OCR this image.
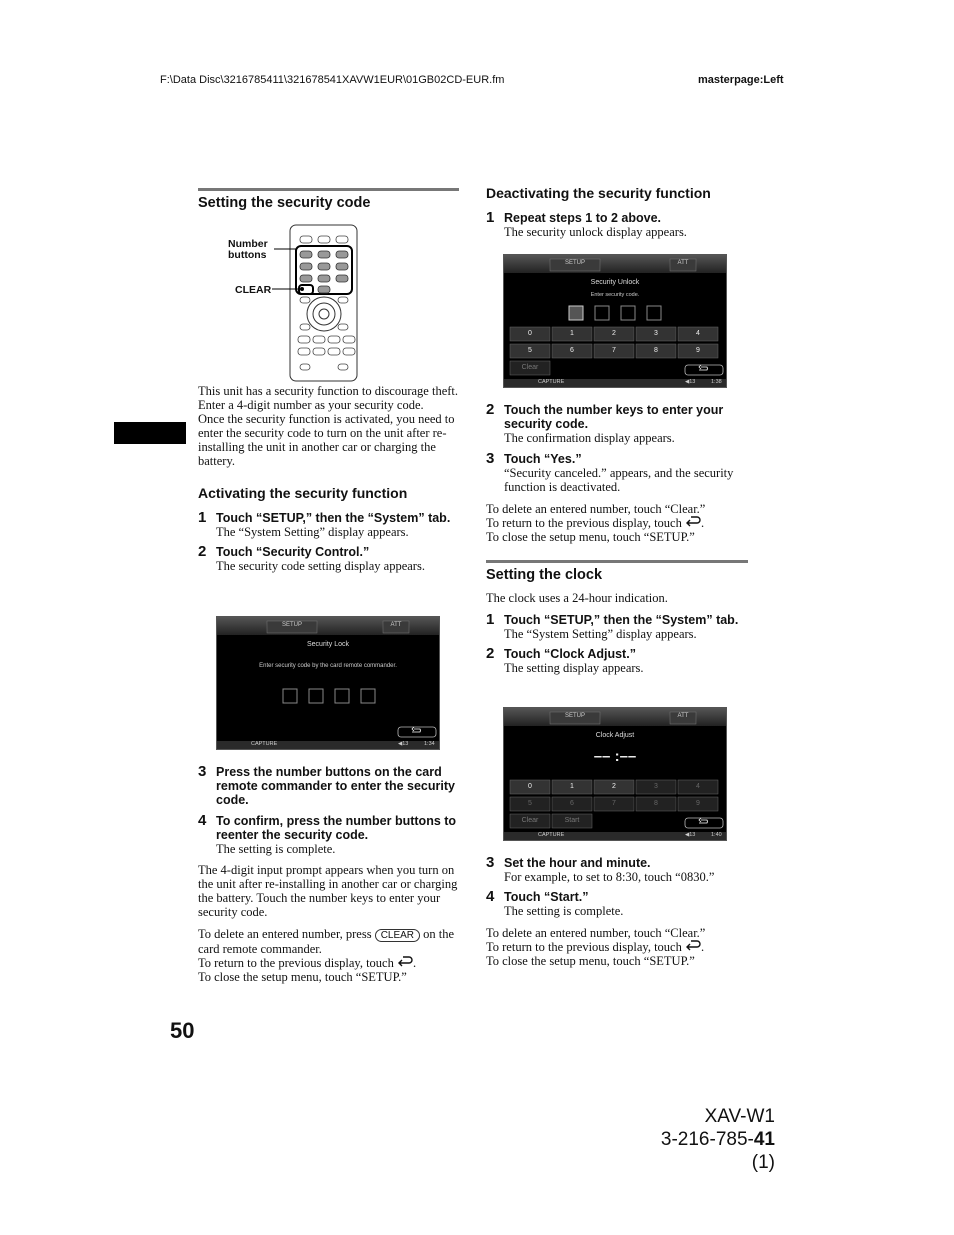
F:\Data Disc\3216785411\321678541XAVW1EUR\01GB02CD-EUR.fm	masterpage:Left
Setting the security code
Number
buttons
CLEAR

This unit has a security function to discourage theft. Enter a 4-digit number as your security code.

Once the security function is activated, you need to enter the security code to turn on the unit after re-installing the unit in another car or charging the battery.

Activating the security function
1 Touch “SETUP,” then the “System” tab.
The “System Setting” display appears.
2 Touch “Security Control.”
The security code setting display appears.
SETUP	ATT
Security Lock
Enter security code by the card remote commander.
CAPTURE	◀13	1:34
3 Press the number buttons on the card remote commander to enter the security code.
4 To confirm, press the number buttons to reenter the security code.
The setting is complete.

The 4-digit input prompt appears when you turn on the unit after re-installing in another car or charging the battery. Touch the number keys to enter your security code.

To delete an entered number, press CLEAR on the card remote commander.

To return to the previous display, touch .

To close the setup menu, touch “SETUP.”

Deactivating the security function
1 Repeat steps 1 to 2 above.
The security unlock display appears.
SETUP	ATT
Security Unlock
Enter security code.
0	1	2	3	4
5	6	7	8	9
Clear
CAPTURE	◀13	1:38
2 Touch the number keys to enter your security code.
The confirmation display appears.
3 Touch “Yes.”
“Security canceled.” appears, and the security function is deactivated.

To delete an entered number, touch “Clear.”

To return to the previous display, touch .

To close the setup menu, touch “SETUP.”

Setting the clock

The clock uses a 24-hour indication.

1 Touch “SETUP,” then the “System” tab.
The “System Setting” display appears.
2 Touch “Clock Adjust.”
The setting display appears.
SETUP	ATT
Clock Adjust
–– :––
0	1	2	3	4
5	6	7	8	9
Clear	Start
CAPTURE	◀13	1:40
3 Set the hour and minute.
For example, to set to 8:30, touch “0830.”
4 Touch “Start.”
The setting is complete.

To delete an entered number, touch “Clear.”

To return to the previous display, touch .

To close the setup menu, touch “SETUP.”

50
XAV-W1
3-216-785-41 (1)
